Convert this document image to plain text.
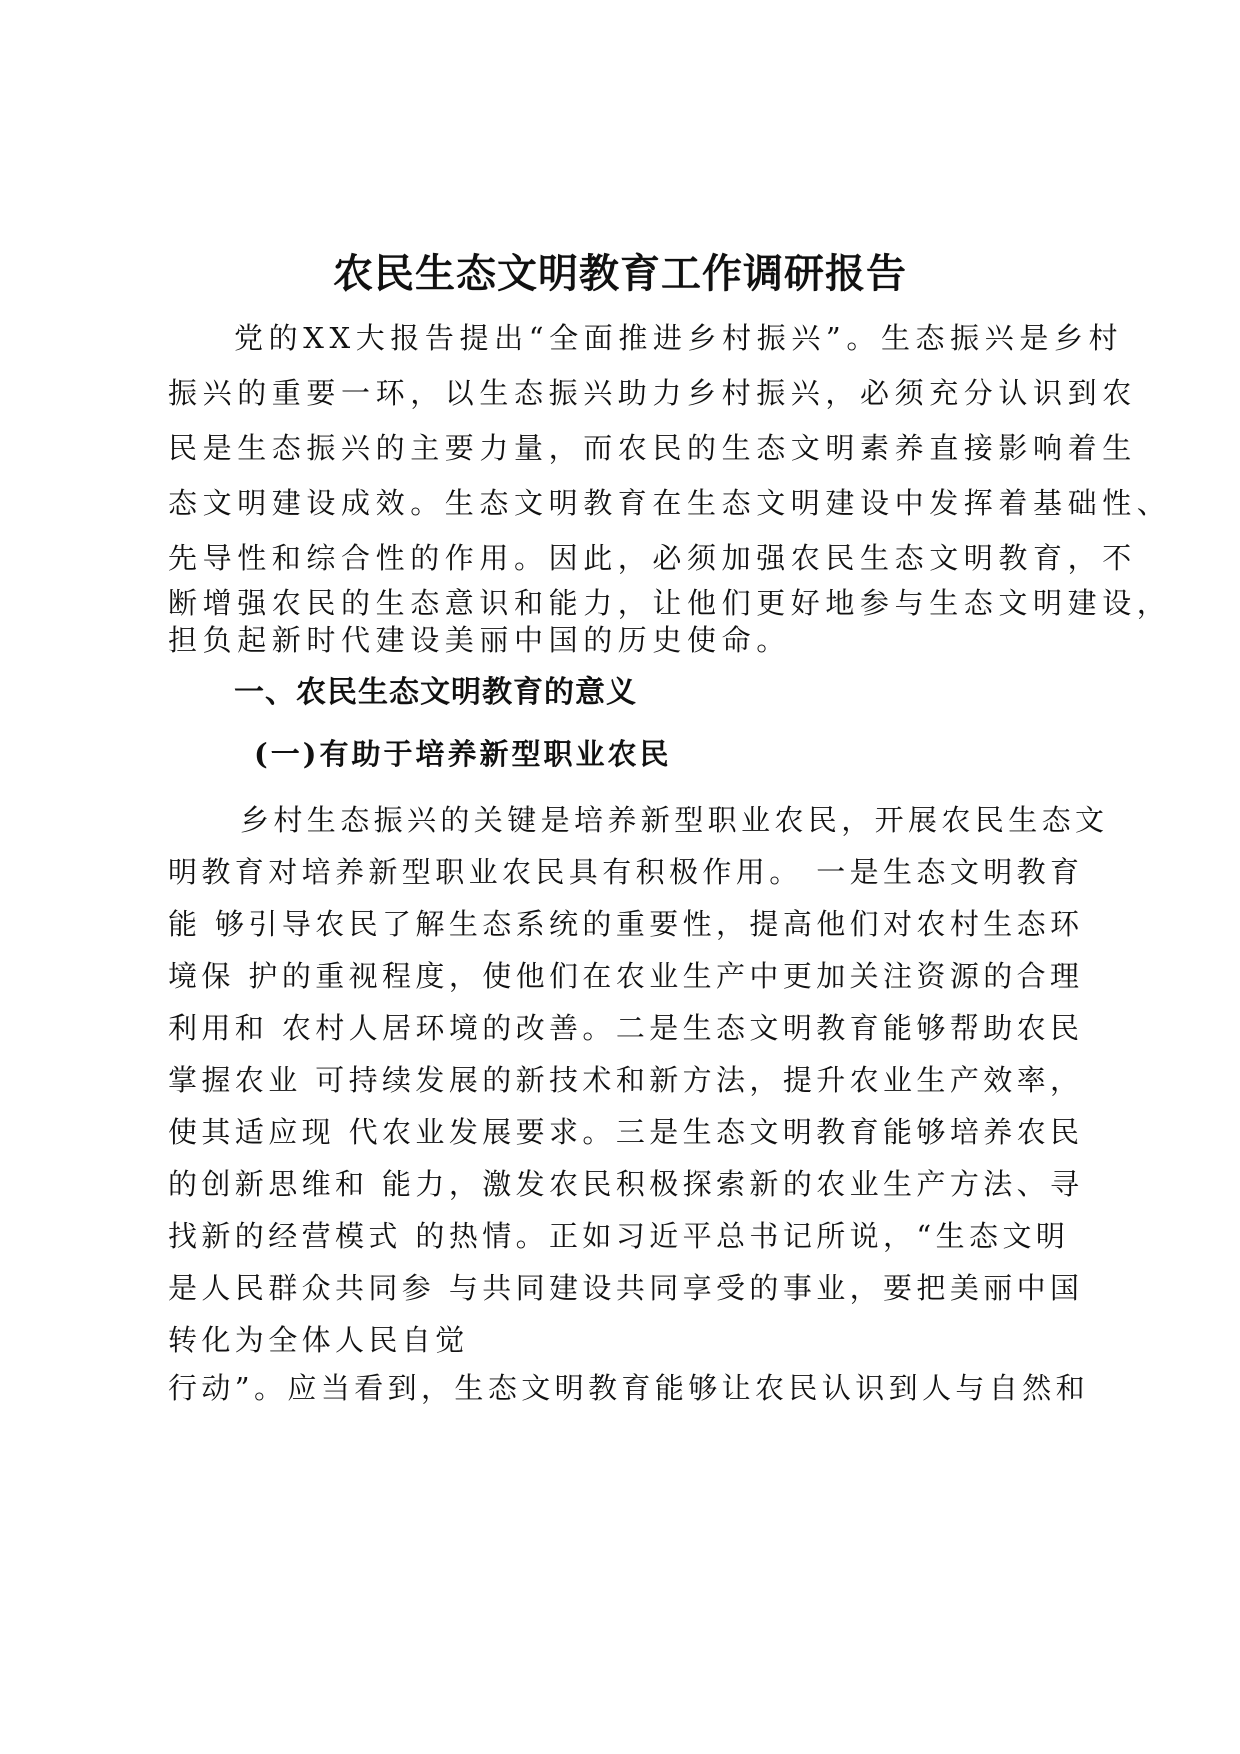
农民生态文明教育工作调研报告

党的XX大报告提出“全面推进乡村振兴”。生态振兴是乡村

振兴的重要一环，以生态振兴助力乡村振兴，必须充分认识到农

民是生态振兴的主要力量，而农民的生态文明素养直接影响着生

态文明建设成效。生态文明教育在生态文明建设中发挥着基础性、

先导性和综合性的作用。因此，必须加强农民生态文明教育，不

断增强农民的生态意识和能力，让他们更好地参与生态文明建设，

担负起新时代建设美丽中国的历史使命。

一、农民生态文明教育的意义
(一)有助于培养新型职业农民

乡村生态振兴的关键是培养新型职业农民，开展农民生态文

明教育对培养新型职业农民具有积极作用。 一是生态文明教育

能 够引导农民了解生态系统的重要性，提高他们对农村生态环

境保 护的重视程度，使他们在农业生产中更加关注资源的合理

利用和 农村人居环境的改善。二是生态文明教育能够帮助农民

掌握农业 可持续发展的新技术和新方法，提升农业生产效率，

使其适应现 代农业发展要求。三是生态文明教育能够培养农民

的创新思维和 能力，激发农民积极探索新的农业生产方法、寻

找新的经营模式 的热情。正如习近平总书记所说，“生态文明

是人民群众共同参 与共同建设共同享受的事业，要把美丽中国

转化为全体人民自觉

行动”。应当看到，生态文明教育能够让农民认识到人与自然和
